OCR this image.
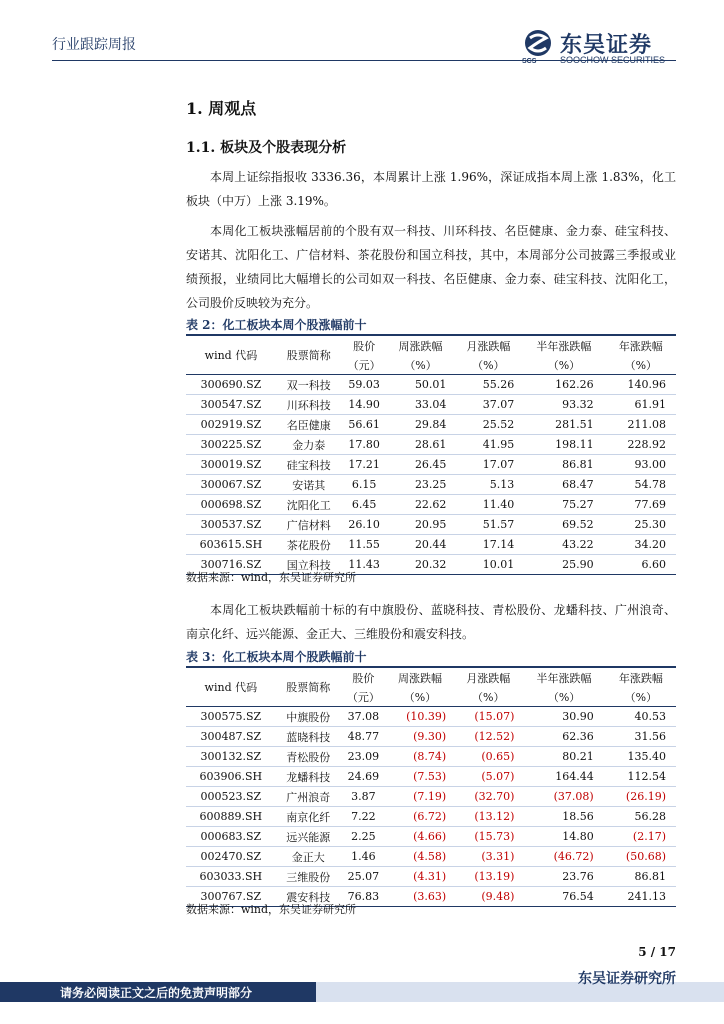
行业跟踪周报
SCS
东吴证券
SOOCHOW SECURITIES
1. 周观点
1.1. 板块及个股表现分析
本周上证综指报收 3336.36，本周累计上涨 1.96%，深证成指本周上涨 1.83%，化工板块（中万）上涨 3.19%。
本周化工板块涨幅居前的个股有双一科技、川环科技、名臣健康、金力泰、硅宝科技、安诺其、沈阳化工、广信材料、茶花股份和国立科技，其中，本周部分公司披露三季报或业绩预报，业绩同比大幅增长的公司如双一科技、名臣健康、金力泰、硅宝科技、沈阳化工，公司股价反映较为充分。
表 2：化工板块本周个股涨幅前十
wind 代码	股票简称	股价	周涨跌幅	月涨跌幅	半年涨跌幅	年涨跌幅
		（元）	（%）	（%）	（%）	（%）
300690.SZ	双一科技	59.03	50.01	55.26	162.26	140.96
300547.SZ	川环科技	14.90	33.04	37.07	93.32	61.91
002919.SZ	名臣健康	56.61	29.84	25.52	281.51	211.08
300225.SZ	金力泰	17.80	28.61	41.95	198.11	228.92
300019.SZ	硅宝科技	17.21	26.45	17.07	86.81	93.00
300067.SZ	安诺其	6.15	23.25	5.13	68.47	54.78
000698.SZ	沈阳化工	6.45	22.62	11.40	75.27	77.69
300537.SZ	广信材料	26.10	20.95	51.57	69.52	25.30
603615.SH	茶花股份	11.55	20.44	17.14	43.22	34.20
300716.SZ	国立科技	11.43	20.32	10.01	25.90	6.60
数据来源：wind，东吴证券研究所
本周化工板块跌幅前十标的有中旗股份、蓝晓科技、青松股份、龙蟠科技、广州浪奇、南京化纤、远兴能源、金正大、三维股份和震安科技。
表 3：化工板块本周个股跌幅前十
wind 代码	股票简称	股价	周涨跌幅	月涨跌幅	半年涨跌幅	年涨跌幅
		（元）	（%）	（%）	（%）	（%）
300575.SZ	中旗股份	37.08	(10.39)	(15.07)	30.90	40.53
300487.SZ	蓝晓科技	48.77	(9.30)	(12.52)	62.36	31.56
300132.SZ	青松股份	23.09	(8.74)	(0.65)	80.21	135.40
603906.SH	龙蟠科技	24.69	(7.53)	(5.07)	164.44	112.54
000523.SZ	广州浪奇	3.87	(7.19)	(32.70)	(37.08)	(26.19)
600889.SH	南京化纤	7.22	(6.72)	(13.12)	18.56	56.28
000683.SZ	远兴能源	2.25	(4.66)	(15.73)	14.80	(2.17)
002470.SZ	金正大	1.46	(4.58)	(3.31)	(46.72)	(50.68)
603033.SH	三维股份	25.07	(4.31)	(13.19)	23.76	86.81
300767.SZ	震安科技	76.83	(3.63)	(9.48)	76.54	241.13
数据来源：wind，东吴证券研究所
5 / 17
东吴证券研究所
请务必阅读正文之后的免责声明部分
